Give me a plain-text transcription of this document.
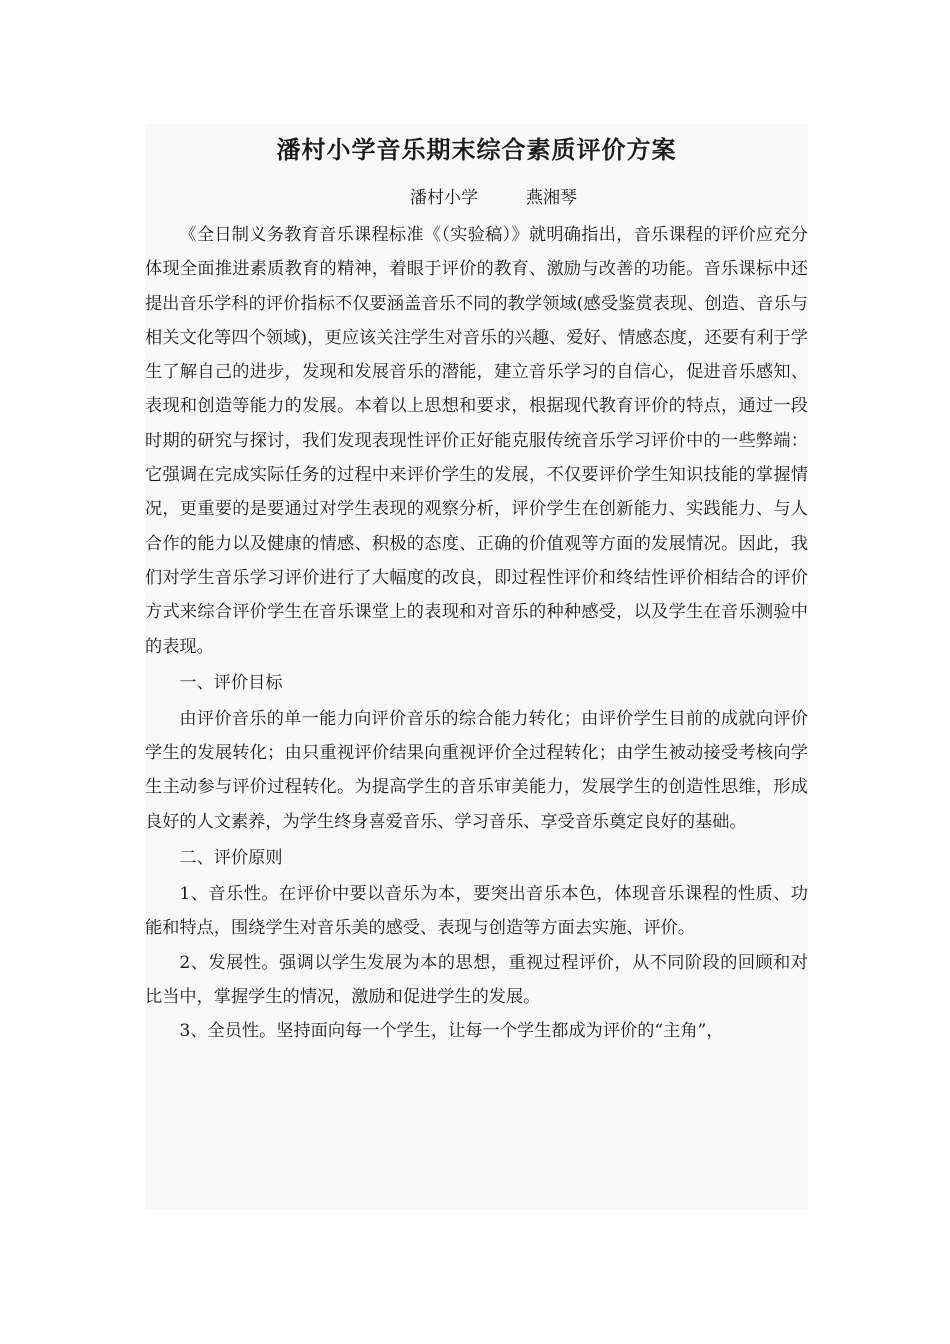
潘村小学音乐期末综合素质评价方案
潘村小学	燕湘琴

《全日制义务教育音乐课程标准《（实验稿）》就明确指出，音乐课程的评价应充分体现全面推进素质教育的精神，着眼于评价的教育、激励与改善的功能。音乐课标中还提出音乐学科的评价指标不仅要涵盖音乐不同的教学领域(感受鉴赏表现、创造、音乐与相关文化等四个领域)，更应该关注学生对音乐的兴趣、爱好、情感态度，还要有利于学生了解自己的进步，发现和发展音乐的潜能，建立音乐学习的自信心，促进音乐感知、表现和创造等能力的发展。本着以上思想和要求，根据现代教育评价的特点，通过一段时期的研究与探讨，我们发现表现性评价正好能克服传统音乐学习评价中的一些弊端：它强调在完成实际任务的过程中来评价学生的发展，不仅要评价学生知识技能的掌握情况，更重要的是要通过对学生表现的观察分析，评价学生在创新能力、实践能力、与人合作的能力以及健康的情感、积极的态度、正确的价值观等方面的发展情况。因此，我们对学生音乐学习评价进行了大幅度的改良，即过程性评价和终结性评价相结合的评价方式来综合评价学生在音乐课堂上的表现和对音乐的种种感受，以及学生在音乐测验中的表现。

一、评价目标

由评价音乐的单一能力向评价音乐的综合能力转化；由评价学生目前的成就向评价学生的发展转化；由只重视评价结果向重视评价全过程转化；由学生被动接受考核向学生主动参与评价过程转化。为提高学生的音乐审美能力，发展学生的创造性思维，形成良好的人文素养，为学生终身喜爱音乐、学习音乐、享受音乐奠定良好的基础。

二、评价原则

1、音乐性。在评价中要以音乐为本，要突出音乐本色，体现音乐课程的性质、功能和特点，围绕学生对音乐美的感受、表现与创造等方面去实施、评价。

2、发展性。强调以学生发展为本的思想，重视过程评价，从不同阶段的回顾和对比当中，掌握学生的情况，激励和促进学生的发展。

3、全员性。坚持面向每一个学生，让每一个学生都成为评价的“主角”，
